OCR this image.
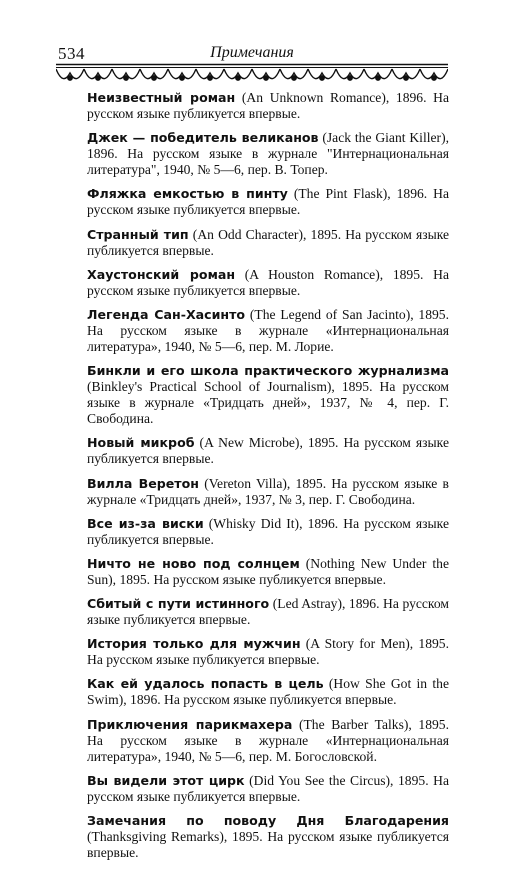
534	Примечания

Неизвестный роман (An Unknown Romance), 1896. На русском языке публикуется впервые.

Джек — победитель великанов (Jack the Giant Killer), 1896. На русском языке в журнале "Интернациональная литература", 1940, № 5—6, пер. В. Топер.

Фляжка емкостью в пинту (The Pint Flask), 1896. На русском языке публикуется впервые.

Странный тип (An Odd Character), 1895. На русском языке публикуется впервые.

Хаустонский роман (A Houston Romance), 1895. На русском языке публикуется впервые.

Легенда Сан-Хасинто (The Legend of San Jacinto), 1895. На русском языке в журнале «Интернациональная литература», 1940, № 5—6, пер. М. Лорие.

Бинкли и его школа практического журнализма (Binkley's Practical School of Journalism), 1895. На русском языке в журнале «Тридцать дней», 1937, № 4, пер. Г. Свободина.

Новый микроб (A New Microbe), 1895. На русском языке публикуется впервые.

Вилла Веретон (Vereton Villa), 1895. На русском языке в журнале «Тридцать дней», 1937, № 3, пер. Г. Свободина.

Все из-за виски (Whisky Did It), 1896. На русском языке публикуется впервые.

Ничто не ново под солнцем (Nothing New Under the Sun), 1895. На русском языке публикуется впервые.

Сбитый с пути истинного (Led Astray), 1896. На русском языке публикуется впервые.

История только для мужчин (A Story for Men), 1895. На русском языке публикуется впервые.

Как ей удалось попасть в цель (How She Got in the Swim), 1896. На русском языке публикуется впервые.

Приключения парикмахера (The Barber Talks), 1895. На русском языке в журнале «Интернациональная литература», 1940, № 5—6, пер. М. Богословской.

Вы видели этот цирк (Did You See the Circus), 1895. На русском языке публикуется впервые.

Замечания по поводу Дня Благодарения (Thanksgiving Remarks), 1895. На русском языке публикуется впервые.
